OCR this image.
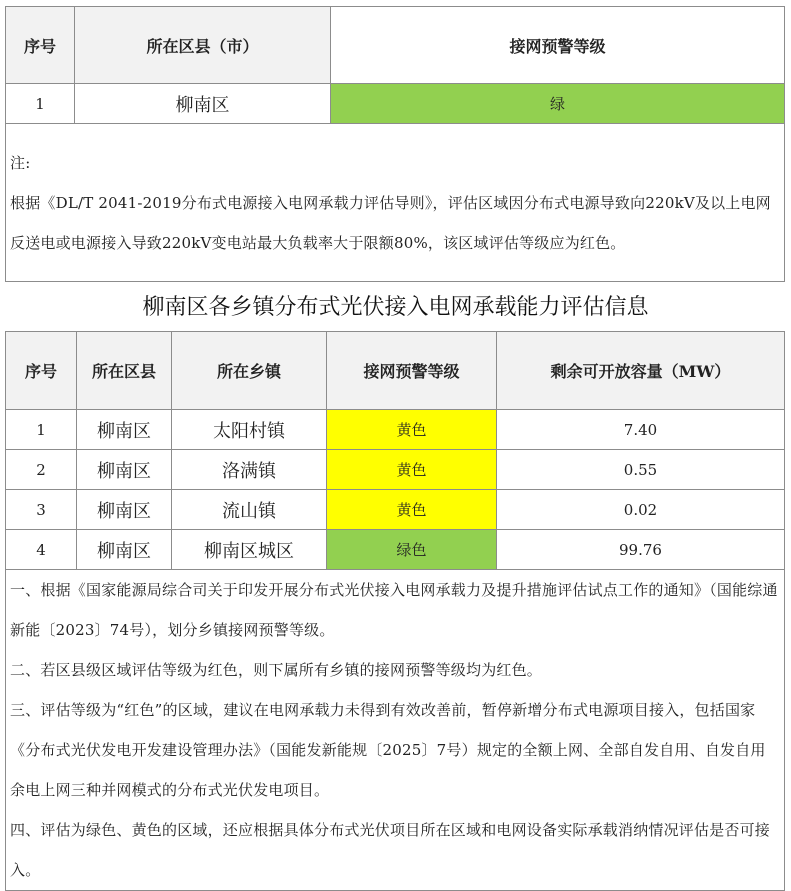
序号	所在区县（市）	接网预警等级
1	柳南区	绿

注:

根据《DL/T 2041-2019分布式电源接入电网承载力评估导则》，评估区域因分布式电源导致向220kV及以上电网反送电或电源接入导致220kV变电站最大负载率大于限额80%，该区域评估等级应为红色。		

柳南区各乡镇分布式光伏接入电网承载能力评估信息
序号	所在区县	所在乡镇	接网预警等级	剩余可开放容量（MW）
1	柳南区	太阳村镇	黄色	7.40
2	柳南区	洛满镇	黄色	0.55
3	柳南区	流山镇	黄色	0.02
4	柳南区	柳南区城区	绿色	99.76

一、根据《国家能源局综合司关于印发开展分布式光伏接入电网承载力及提升措施评估试点工作的通知》（国能综通新能〔2023〕74号），划分乡镇接网预警等级。

二、若区县级区域评估等级为红色，则下属所有乡镇的接网预警等级均为红色。

三、评估等级为“红色”的区域，建议在电网承载力未得到有效改善前，暂停新增分布式电源项目接入，包括国家《分布式光伏发电开发建设管理办法》（国能发新能规〔2025〕7号）规定的全额上网、全部自发自用、自发自用余电上网三种并网模式的分布式光伏发电项目。

四、评估为绿色、黄色的区域，还应根据具体分布式光伏项目所在区域和电网设备实际承载消纳情况评估是否可接入。				
